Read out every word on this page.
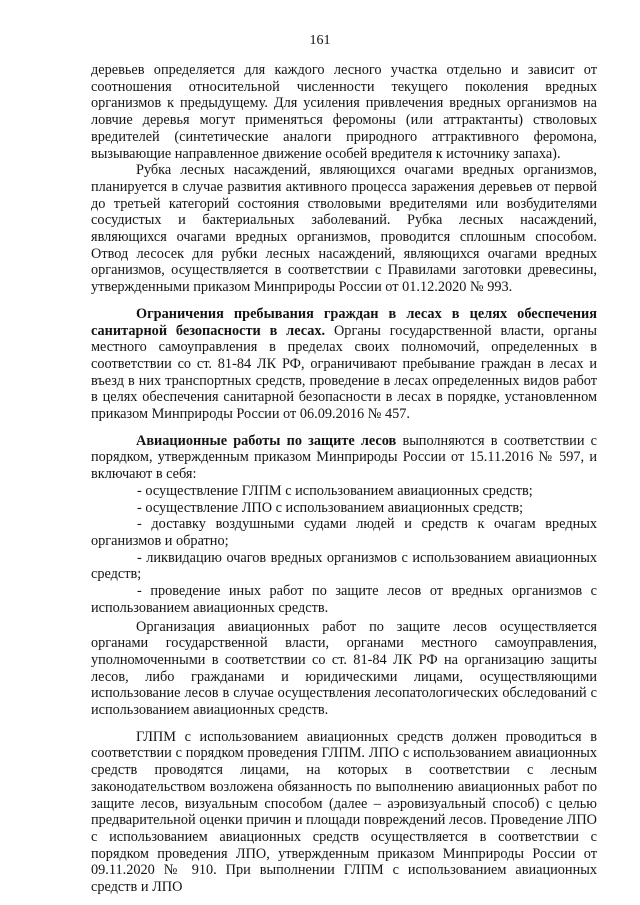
161

деревьев определяется для каждого лесного участка отдельно и зависит от соотношения относительной численности текущего поколения вредных организмов к предыдущему. Для усиления привлечения вредных организмов на ловчие деревья могут применяться феромоны (или аттрактанты) стволовых вредителей (синтетические аналоги природного аттрактивного феромона, вызывающие направленное движение особей вредителя к источнику запаха).

Рубка лесных насаждений, являющихся очагами вредных организмов, планируется в случае развития активного процесса заражения деревьев от первой до третьей категорий состояния стволовыми вредителями или возбудителями сосудистых и бактериальных заболеваний. Рубка лесных насаждений, являющихся очагами вредных организмов, проводится сплошным способом. Отвод лесосек для рубки лесных насаждений, являющихся очагами вредных организмов, осуществляется в соответствии с Правилами заготовки древесины, утвержденными приказом Минприроды России от 01.12.2020 № 993.

Ограничения пребывания граждан в лесах в целях обеспечения санитарной безопасности в лесах. Органы государственной власти, органы местного самоуправления в пределах своих полномочий, определенных в соответствии со ст. 81-84 ЛК РФ, ограничивают пребывание граждан в лесах и въезд в них транспортных средств, проведение в лесах определенных видов работ в целях обеспечения санитарной безопасности в лесах в порядке, установленном приказом Минприроды России от 06.09.2016 № 457.

Авиационные работы по защите лесов выполняются в соответствии с порядком, утвержденным приказом Минприроды России от 15.11.2016 № 597, и включают в себя:

- осуществление ГЛПМ с использованием авиационных средств;

- осуществление ЛПО с использованием авиационных средств;

- доставку воздушными судами людей и средств к очагам вредных организмов и обратно;

- ликвидацию очагов вредных организмов с использованием авиационных средств;

- проведение иных работ по защите лесов от вредных организмов с использованием авиационных средств.

Организация авиационных работ по защите лесов осуществляется органами государственной власти, органами местного самоуправления, уполномоченными в соответствии со ст. 81-84 ЛК РФ на организацию защиты лесов, либо гражданами и юридическими лицами, осуществляющими использование лесов в случае осуществления лесопатологических обследований с использованием авиационных средств.

ГЛПМ с использованием авиационных средств должен проводиться в соответствии с порядком проведения ГЛПМ. ЛПО с использованием авиационных средств проводятся лицами, на которых в соответствии с лесным законодательством возложена обязанность по выполнению авиационных работ по защите лесов, визуальным способом (далее – аэровизуальный способ) с целью предварительной оценки причин и площади повреждений лесов. Проведение ЛПО с использованием авиационных средств осуществляется в соответствии с порядком проведения ЛПО, утвержденным приказом Минприроды России от 09.11.2020 № 910. При выполнении ГЛПМ с использованием авиационных средств и ЛПО
